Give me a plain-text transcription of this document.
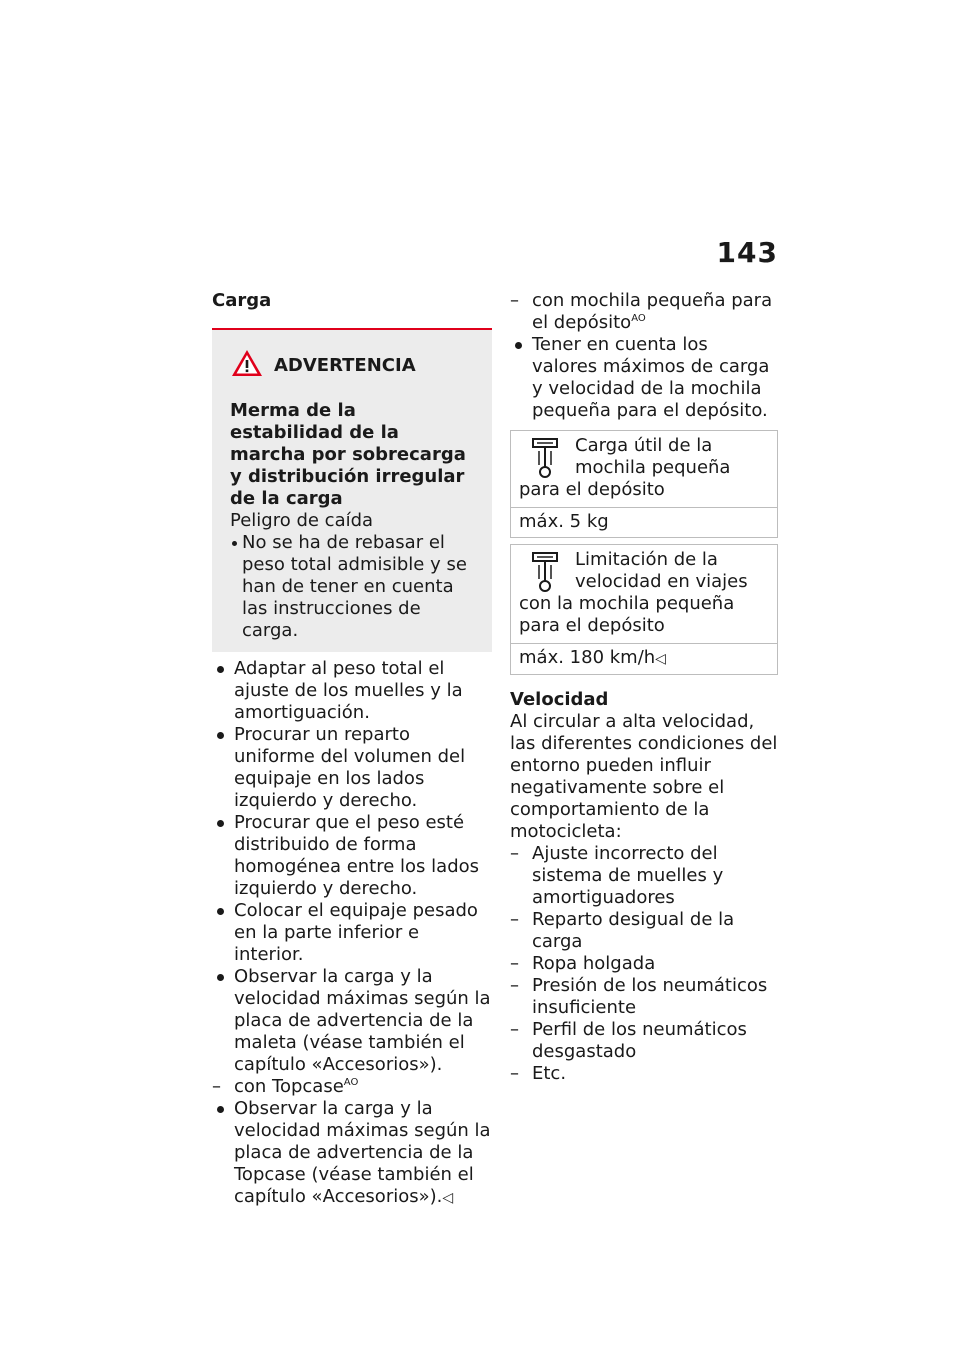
143
Carga
ADVERTENCIA
Merma de la estabilidad de la marcha por sobrecarga y distribución irregular de la carga
Peligro de caída
No se ha de rebasar el peso total admisible y se han de tener en cuenta las instrucciones de carga.
Adaptar al peso total el ajuste de los muelles y la amortiguación.
Procurar un reparto uniforme del volumen del equipaje en los lados izquierdo y derecho.
Procurar que el peso esté distribuido de forma homogénea entre los lados izquierdo y derecho.
Colocar el equipaje pesado en la parte inferior e interior.
Observar la carga y la velocidad máximas según la placa de advertencia de la maleta (véase también el capítulo «Accesorios»).
– con Topcase$^{AO}$
Observar la carga y la velocidad máximas según la placa de advertencia de la Topcase (véase también el capítulo «Accesorios»).◁
– con mochila pequeña para el depósito$^{AO}$
Tener en cuenta los valores máximos de carga y velocidad de la mochila pequeña para el depósito.
Carga útil de la mochila pequeña para el depósito
máx. 5 kg
Limitación de la velocidad en viajes con la mochila pequeña para el depósito
máx. 180 km/h◁
Velocidad
Al circular a alta velocidad, las diferentes condiciones del entorno pueden influir negativamente sobre el comportamiento de la motocicleta:
– Ajuste incorrecto del sistema de muelles y amortiguadores
– Reparto desigual de la carga
– Ropa holgada
– Presión de los neumáticos insuficiente
– Perfil de los neumáticos desgastado
– Etc.
